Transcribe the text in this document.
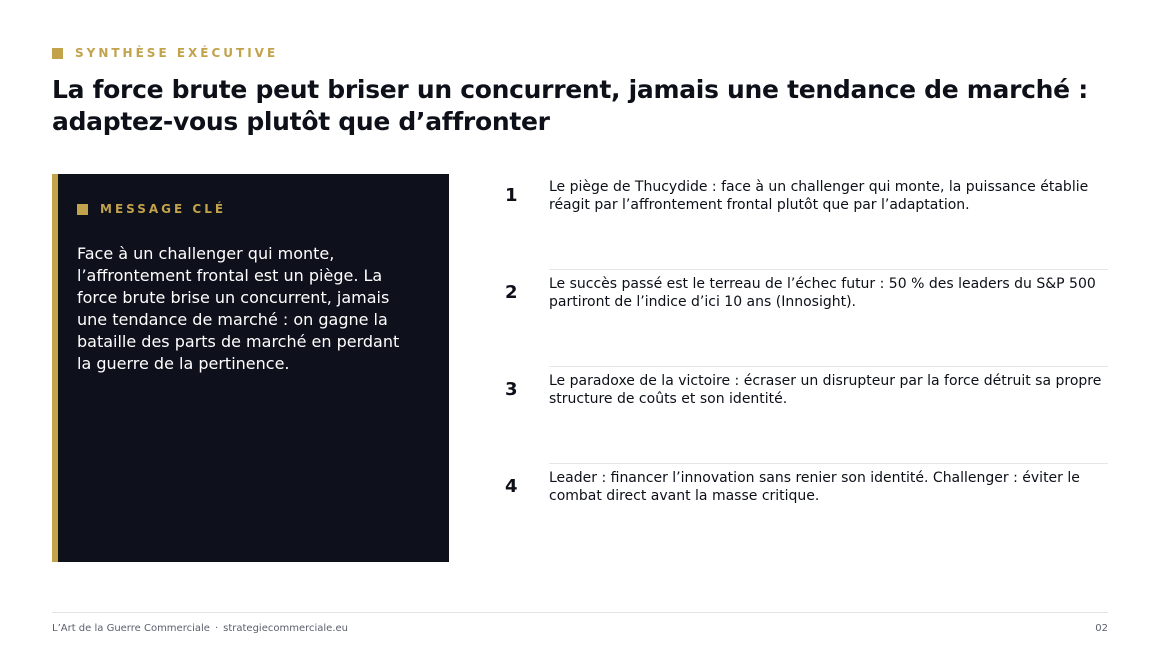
SYNTHÈSE EXÉCUTIVE
La force brute peut briser un concurrent, jamais une tendance de marché : adaptez-vous plutôt que d’affronter
MESSAGE CLÉ

Face à un challenger qui monte, l’affrontement frontal est un piège. La force brute brise un concurrent, jamais une tendance de marché : on gagne la bataille des parts de marché en perdant la guerre de la pertinence.

1	Le piège de Thucydide : face à un challenger qui monte, la puissance établie réagit par l’affrontement frontal plutôt que par l’adaptation.

2	Le succès passé est le terreau de l’échec futur : 50 % des leaders du S&P 500 partiront de l’indice d’ici 10 ans (Innosight).

3	Le paradoxe de la victoire : écraser un disrupteur par la force détruit sa propre structure de coûts et son identité.

4	Leader : financer l’innovation sans renier son identité. Challenger : éviter le combat direct avant la masse critique.

L’Art de la Guerre Commerciale · strategiecommerciale.eu	02
